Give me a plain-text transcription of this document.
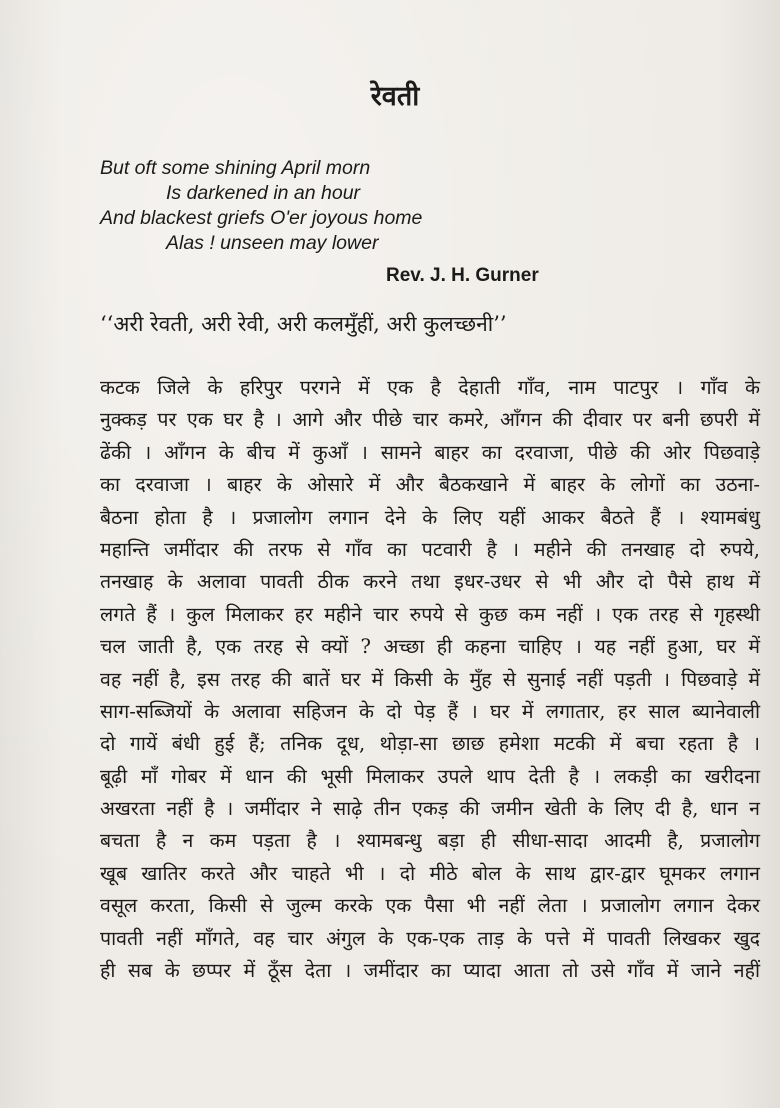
रेवती
But oft some shining April morn
Is darkened in an hour
And blackest griefs O'er joyous home
Alas ! unseen may lower
Rev. J. H. Gurner
‘‘अरी रेवती, अरी रेवी, अरी कलमुँहीं, अरी कुलच्छनी’’
कटक जिले के हरिपुर परगने में एक है देहाती गाँव, नाम पाटपुर । गाँव के
नुक्कड़ पर एक घर है । आगे और पीछे चार कमरे, आँगन की दीवार पर बनी छपरी में
ढेंकी । आँगन के बीच में कुआँ । सामने बाहर का दरवाजा, पीछे की ओर पिछवाड़े
का दरवाजा । बाहर के ओसारे में और बैठकखाने में बाहर के लोगों का उठना-
बैठना होता है । प्रजालोग लगान देने के लिए यहीं आकर बैठते हैं । श्यामबंधु
महान्ति जमींदार की तरफ से गाँव का पटवारी है । महीने की तनखाह दो रुपये,
तनखाह के अलावा पावती ठीक करने तथा इधर-उधर से भी और दो पैसे हाथ में
लगते हैं । कुल मिलाकर हर महीने चार रुपये से कुछ कम नहीं । एक तरह से गृहस्थी
चल जाती है, एक तरह से क्यों ? अच्छा ही कहना चाहिए । यह नहीं हुआ, घर में
वह नहीं है, इस तरह की बातें घर में किसी के मुँह से सुनाई नहीं पड़ती । पिछवाड़े में
साग-सब्जियों के अलावा सहिजन के दो पेड़ हैं । घर में लगातार, हर साल ब्यानेवाली
दो गायें बंधी हुई हैं; तनिक दूध, थोड़ा-सा छाछ हमेशा मटकी में बचा रहता है ।
बूढ़ी माँ गोबर में धान की भूसी मिलाकर उपले थाप देती है । लकड़ी का खरीदना
अखरता नहीं है । जमींदार ने साढ़े तीन एकड़ की जमीन खेती के लिए दी है, धान न
बचता है न कम पड़ता है । श्यामबन्धु बड़ा ही सीधा-सादा आदमी है, प्रजालोग
खूब खातिर करते और चाहते भी । दो मीठे बोल के साथ द्वार-द्वार घूमकर लगान
वसूल करता, किसी से जुल्म करके एक पैसा भी नहीं लेता । प्रजालोग लगान देकर
पावती नहीं माँगते, वह चार अंगुल के एक-एक ताड़ के पत्ते में पावती लिखकर खुद
ही सब के छप्पर में ठूँस देता । जमींदार का प्यादा आता तो उसे गाँव में जाने नहीं
